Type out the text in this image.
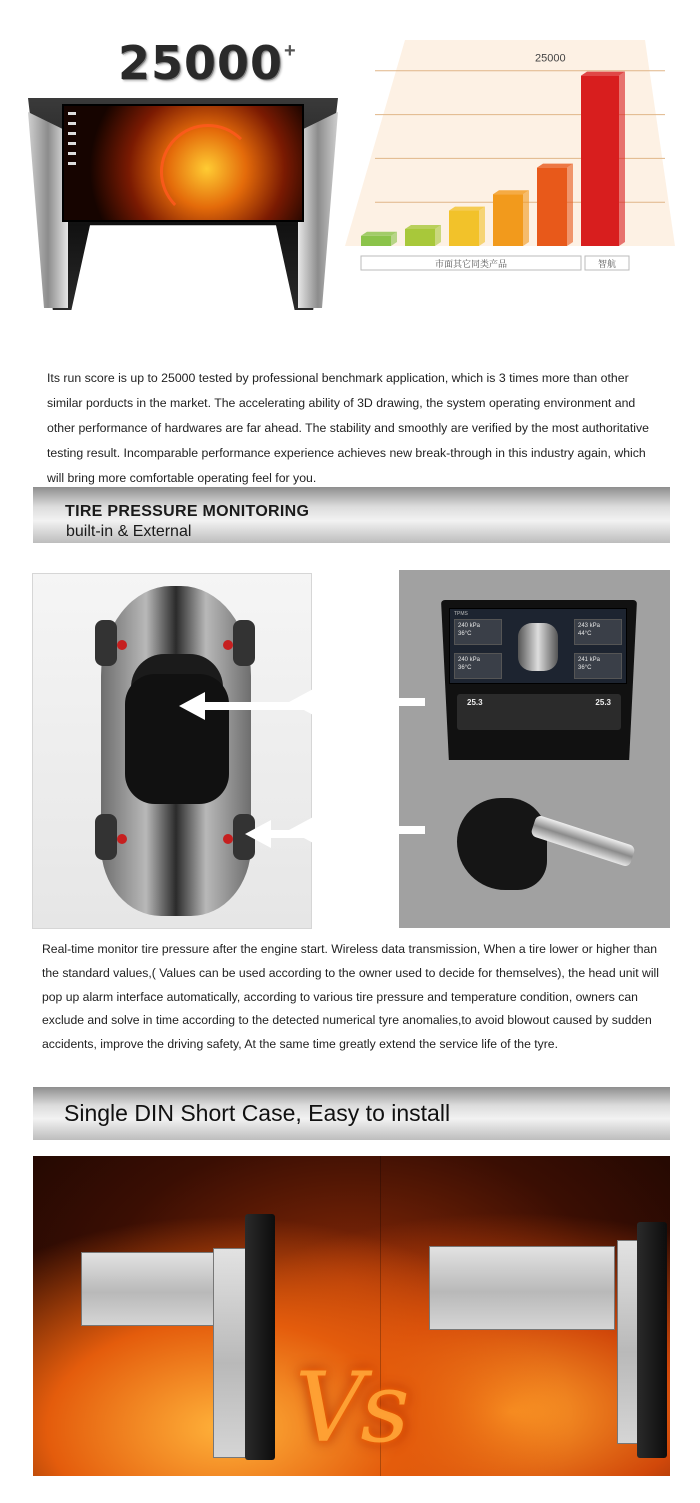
25000 +	25000
市面其它同类产品	智航

Its run score is up to 25000 tested by professional benchmark application, which is 3 times more than other similar porducts in the market. The accelerating ability of 3D drawing, the system operating environment and other performance of hardwares are far ahead. The stability and smoothly are verified by the most authoritative testing result. Incomparable performance experience achieves new break-through in this industry again, which will bring more comfortable operating feel for you.

TIRE PRESSURE MONITORING
built-in & External
TPMS
240 kPa
36°C
243 kPa
44°C
240 kPa
36°C
241 kPa
36°C
25.3	25.3

Real-time monitor tire pressure after the engine start. Wireless data transmission, When a tire lower or higher than the standard values,( Values can be used according to the owner used to decide for themselves), the head unit will pop up alarm interface automatically, according to various tire pressure and temperature condition, owners can exclude and solve in time according to the detected numerical tyre anomalies,to avoid blowout caused by sudden accidents, improve the driving safety, At the same time greatly extend the service life of the tyre.

Single DIN Short Case, Easy to install
Vs
